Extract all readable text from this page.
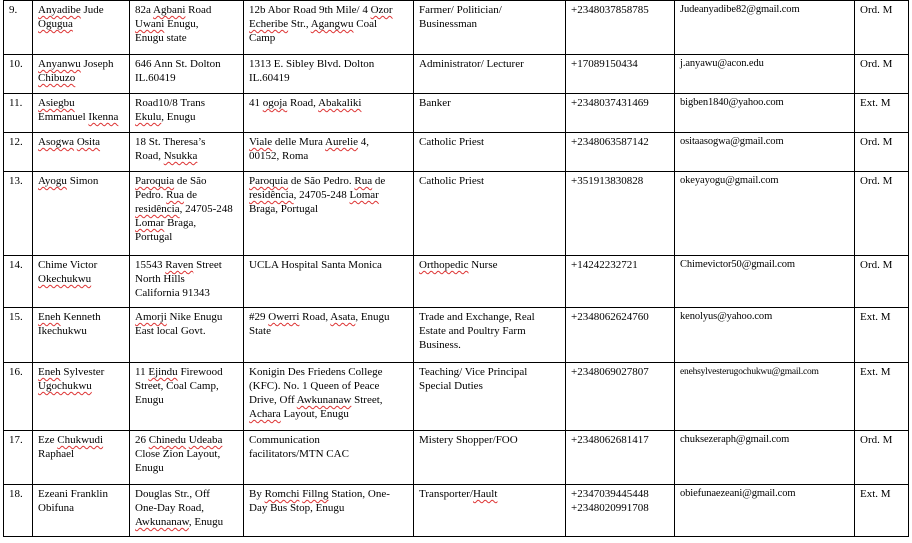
9.	Anyadibe Jude
Ogugua	82a Agbani Road
Uwani Enugu,
Enugu state	12b Abor Road 9th Mile/ 4 Ozor
Echeribe Str., Agangwu Coal
Camp	Farmer/ Politician/
Businessman	+2348037858785	Judeanyadibe82@gmail.com	Ord. M

10.	Anyanwu Joseph
Chibuzo	646 Ann St. Dolton
IL.60419	1313 E. Sibley Blvd. Dolton
IL.60419	Administrator/ Lecturer	+17089150434	j.anyawu@acon.edu	Ord. M

11.	Asiegbu
Emmanuel Ikenna	Road10/8 Trans
Ekulu, Enugu	41 ogoja Road, Abakaliki	Banker	+2348037431469	bigben1840@yahoo.com	Ext. M

12.	Asogwa Osita	18 St. Theresa’s
Road, Nsukka	Viale delle Mura Aurelie 4,
00152, Roma	Catholic Priest	+2348063587142	ositaasogwa@gmail.com	Ord. M

13.	Ayogu Simon	Paroquia de São
Pedro. Rua de
residência, 24705-248
Lomar Braga,
Portugal	Paroquia de São Pedro. Rua de
residência, 24705-248 Lomar
Braga, Portugal	Catholic Priest	+351913830828	okeyayogu@gmail.com	Ord. M

14.	Chime Victor
Okechukwu	15543 Raven Street
North Hills
California 91343	UCLA Hospital Santa Monica	Orthopedic Nurse	+14242232721	Chimevictor50@gmail.com	Ord. M

15.	Eneh Kenneth
Ikechukwu	Amorji Nike Enugu
East local Govt.	#29 Owerri Road, Asata, Enugu
State	Trade and Exchange, Real
Estate and Poultry Farm
Business.	+2348062624760	kenolyus@yahoo.com	Ext. M

16.	Eneh Sylvester
Ugochukwu	11 Ejindu Firewood
Street, Coal Camp,
Enugu	Konigin Des Friedens College
(KFC). No. 1 Queen of Peace
Drive, Off Awkunanaw Street,
Achara Layout, Enugu	Teaching/ Vice Principal
Special Duties	+2348069027807	enehsylvesterugochukwu@gmail.com	Ext. M

17.	Eze Chukwudi
Raphael	26 Chinedu Udeaba
Close Zion Layout,
Enugu	Communication
facilitators/MTN CAC	Mistery Shopper/FOO	+2348062681417	chuksezeraph@gmail.com	Ord. M

18.	Ezeani Franklin
Obifuna	Douglas Str., Off
One-Day Road,
Awkunanaw, Enugu	By Romchi Fillng Station, One-
Day Bus Stop, Enugu	Transporter/Hault	+2347039445448
+2348020991708	obiefunaezeani@gmail.com	Ext. M
